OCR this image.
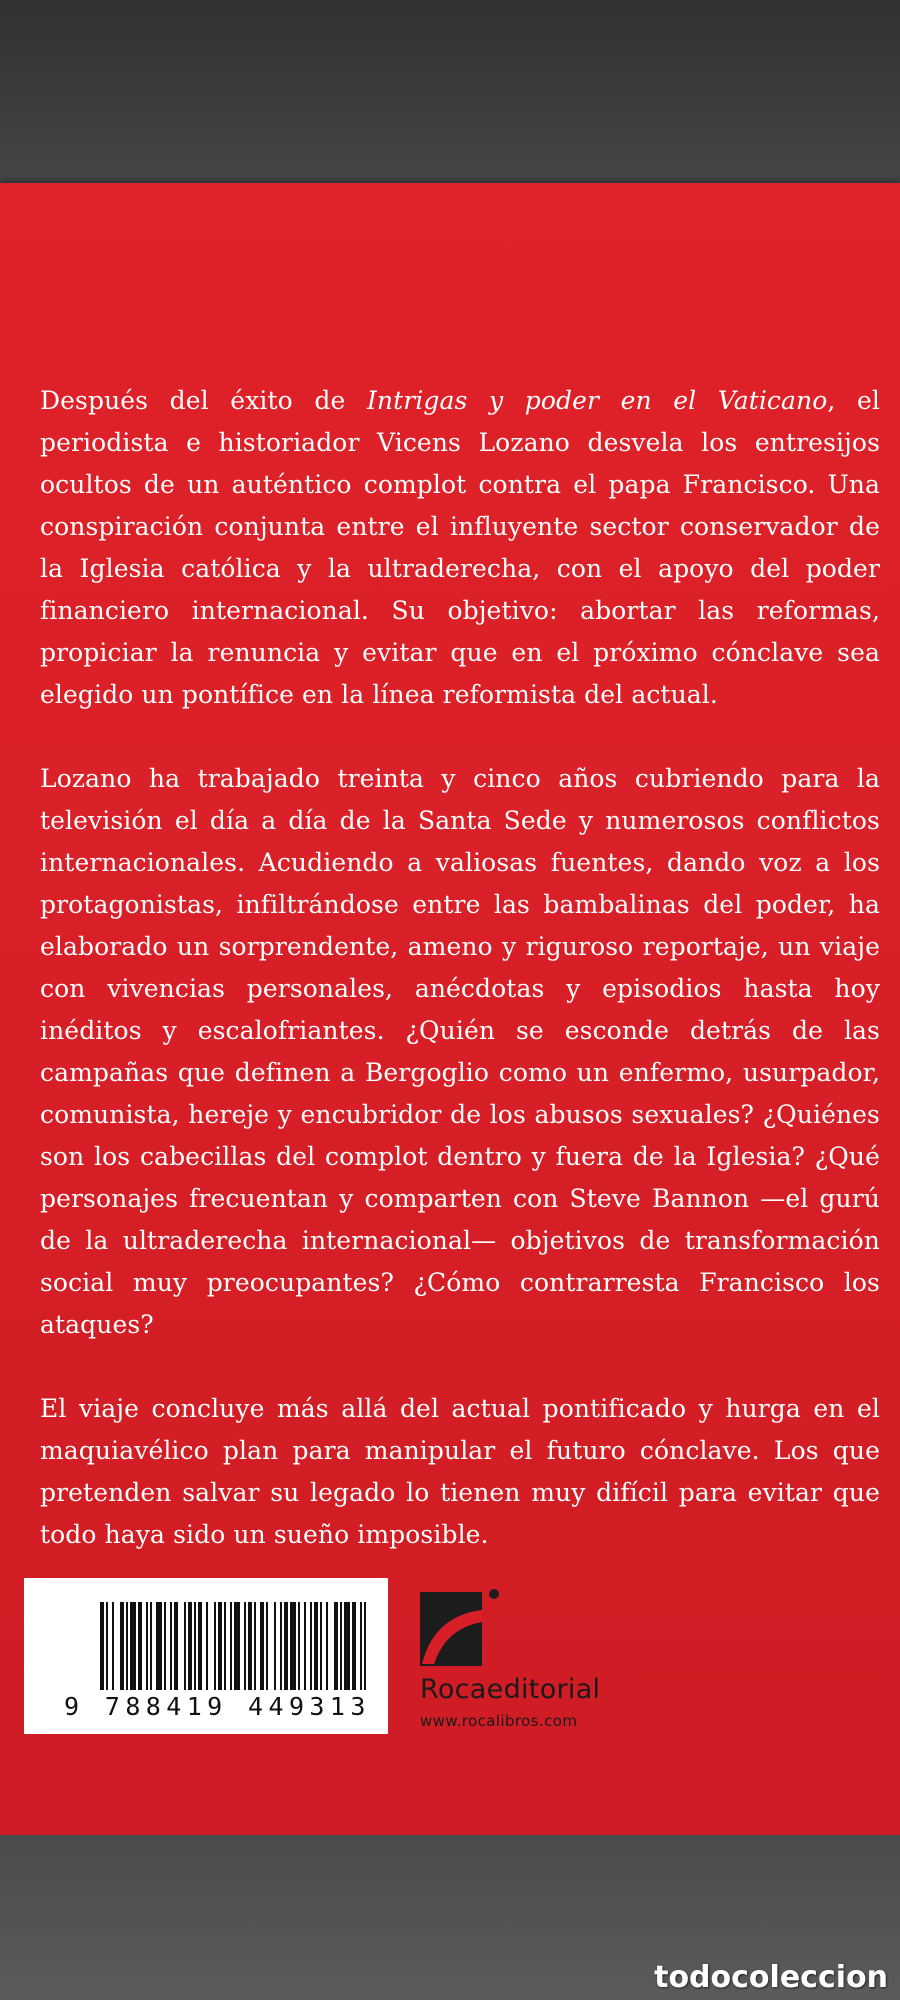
Después del éxito de Intrigas y poder en el Vaticano, el periodista e historiador Vicens Lozano desvela los entresijos ocultos de un auténtico complot contra el papa Francisco. Una conspiración conjunta entre el influyente sector conservador de la Iglesia católica y la ultraderecha, con el apoyo del poder financiero internacional. Su objetivo: abortar las reformas, propiciar la renuncia y evitar que en el próximo cónclave sea elegido un pontífice en la línea reformista del actual.

Lozano ha trabajado treinta y cinco años cubriendo para la televisión el día a día de la Santa Sede y numerosos conflictos internacionales. Acudiendo a valiosas fuentes, dando voz a los protagonistas, infiltrándose entre las bambalinas del poder, ha elaborado un sorprendente, ameno y riguroso reportaje, un viaje con vivencias personales, anécdotas y episodios hasta hoy inéditos y escalofriantes. ¿Quién se esconde detrás de las campañas que definen a Bergoglio como un enfermo, usurpador, comunista, hereje y encubridor de los abusos sexuales? ¿Quiénes son los cabecillas del complot dentro y fuera de la Iglesia? ¿Qué personajes frecuentan y comparten con Steve Bannon —el gurú de la ultraderecha internacional— objetivos de transformación social muy preocupantes? ¿Cómo contrarresta Francisco los ataques?

El viaje concluye más allá del actual pontificado y hurga en el maquiavélico plan para manipular el futuro cónclave. Los que pretenden salvar su legado lo tienen muy difícil para evitar que todo haya sido un sueño imposible.

9 788419 449313
Rocaeditorial
www.rocalibros.com
todocoleccion
